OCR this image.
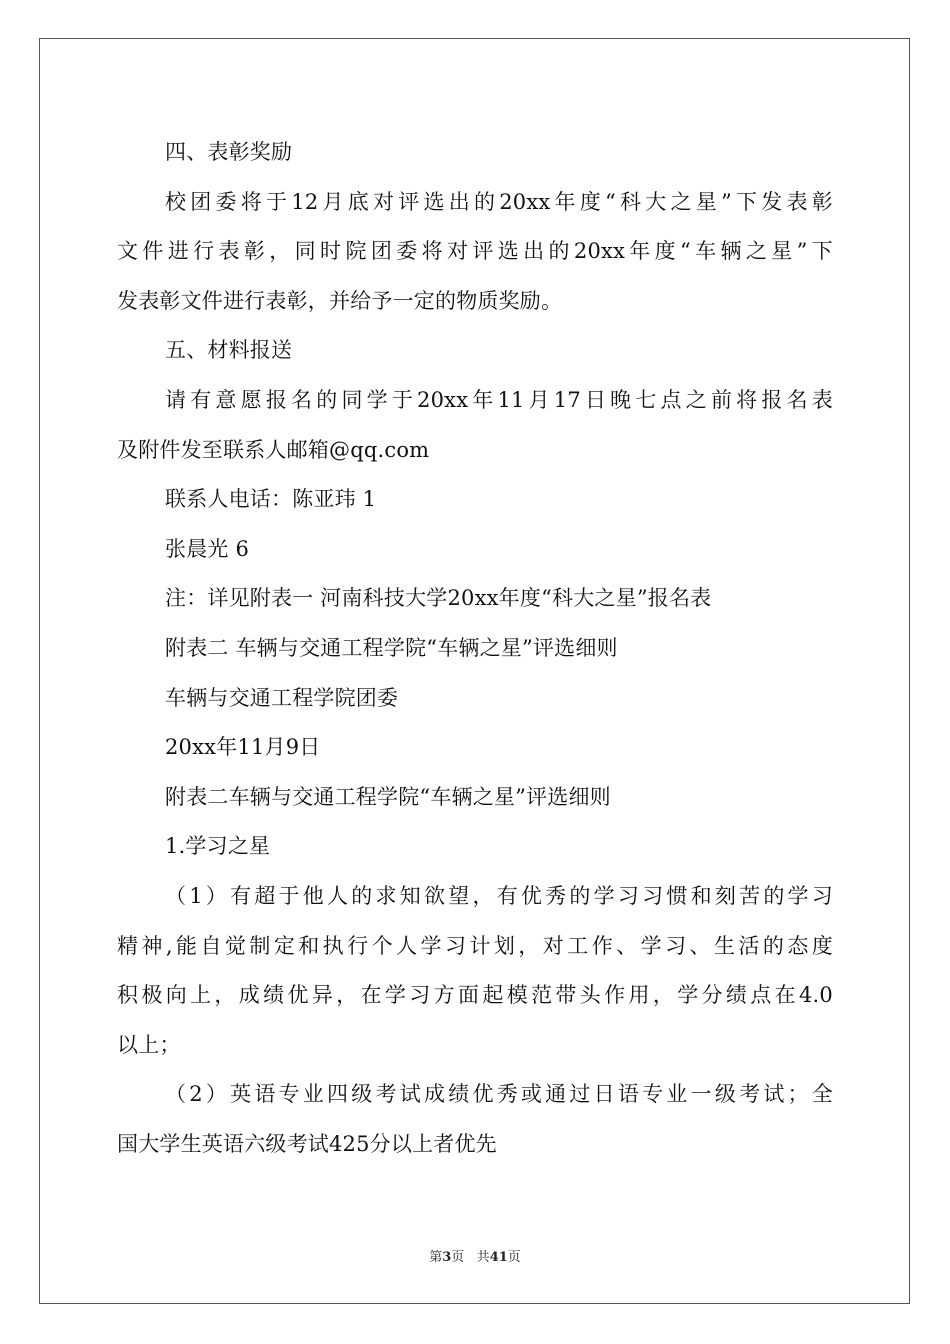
四、表彰奖励
校团委将于12月底对评选出的20xx年度“科大之星”下发表彰
文件进行表彰，同时院团委将对评选出的20xx年度“车辆之星”下
发表彰文件进行表彰，并给予一定的物质奖励。
五、材料报送
请有意愿报名的同学于20xx年11月17日晚七点之前将报名表
及附件发至联系人邮箱@qq.com
联系人电话：陈亚玮 1
张晨光 6
注：详见附表一 河南科技大学20xx年度“科大之星”报名表
附表二 车辆与交通工程学院“车辆之星”评选细则
车辆与交通工程学院团委
20xx年11月9日
附表二车辆与交通工程学院“车辆之星”评选细则
1.学习之星
（1）有超于他人的求知欲望，有优秀的学习习惯和刻苦的学习
精神,能自觉制定和执行个人学习计划，对工作、学习、生活的态度
积极向上，成绩优异，在学习方面起模范带头作用，学分绩点在4.0
以上；
（2）英语专业四级考试成绩优秀或通过日语专业一级考试；全
国大学生英语六级考试425分以上者优先
第3页 共41页
